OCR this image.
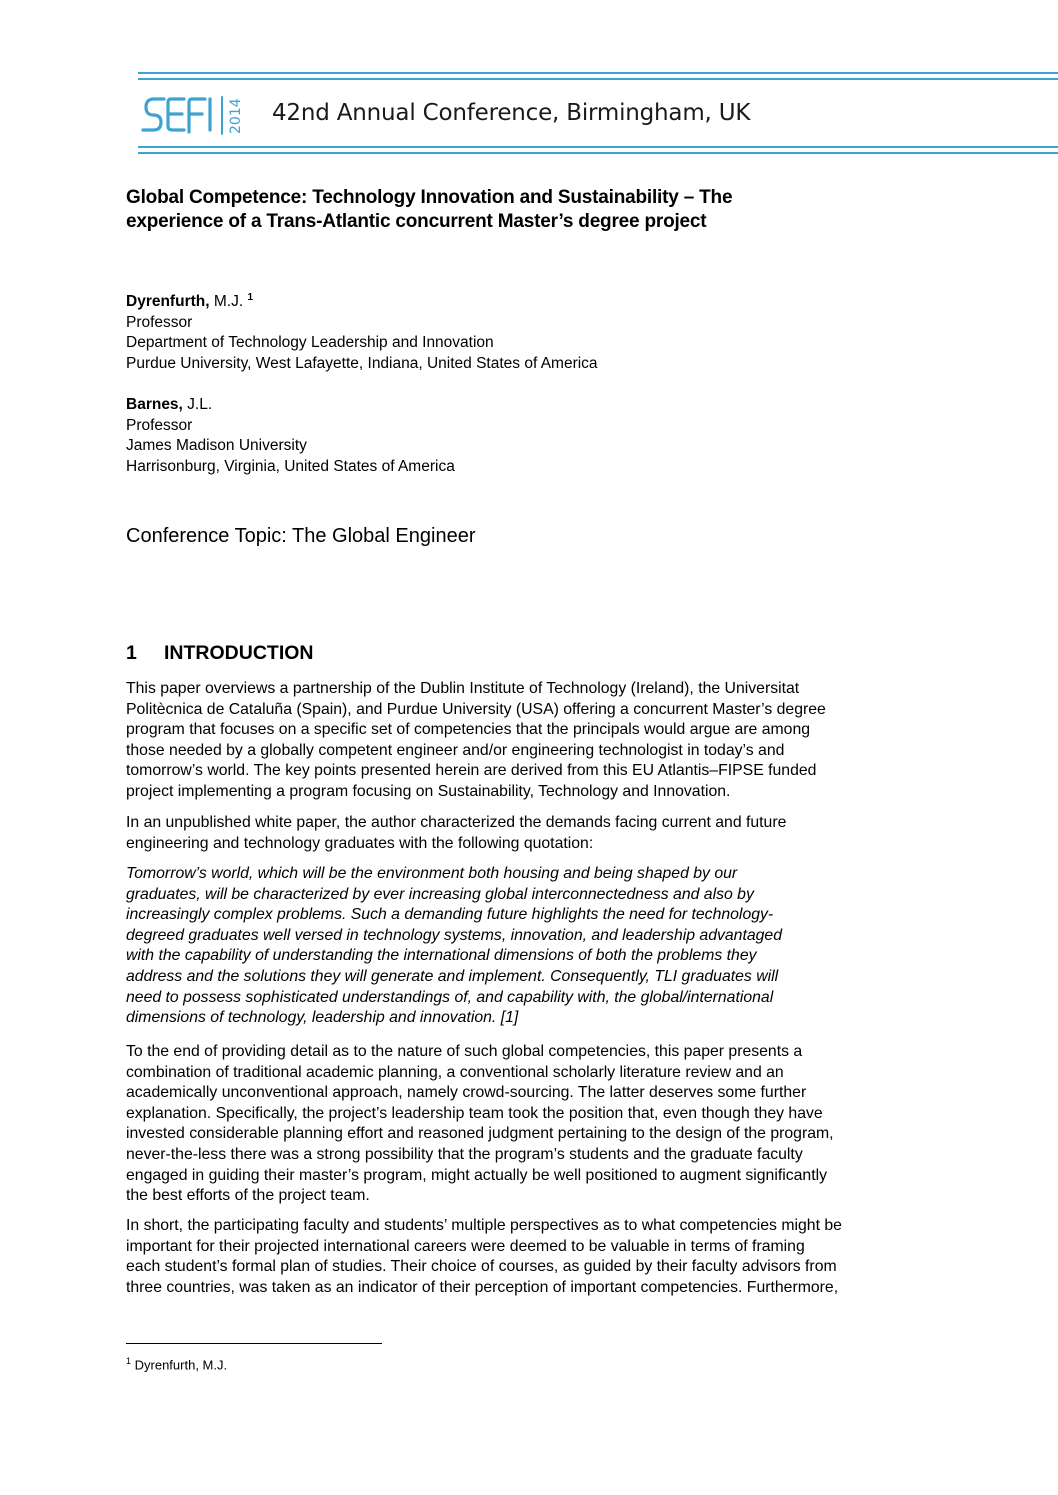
2014 42nd Annual Conference, Birmingham, UK
Global Competence: Technology Innovation and Sustainability – The
experience of a Trans-Atlantic concurrent Master’s degree project
Dyrenfurth, M.J. $^1$
Professor
Department of Technology Leadership and Innovation
Purdue University, West Lafayette, Indiana, United States of America
Barnes, J.L.
Professor
James Madison University
Harrisonburg, Virginia, United States of America
Conference Topic: The Global Engineer
1 INTRODUCTION
This paper overviews a partnership of the Dublin Institute of Technology (Ireland), the Universitat
Politècnica de Cataluña (Spain), and Purdue University (USA) offering a concurrent Master’s degree
program that focuses on a specific set of competencies that the principals would argue are among
those needed by a globally competent engineer and/or engineering technologist in today’s and
tomorrow’s world. The key points presented herein are derived from this EU Atlantis–FIPSE funded
project implementing a program focusing on Sustainability, Technology and Innovation.
In an unpublished white paper, the author characterized the demands facing current and future
engineering and technology graduates with the following quotation:
Tomorrow’s world, which will be the environment both housing and being shaped by our
graduates, will be characterized by ever increasing global interconnectedness and also by
increasingly complex problems. Such a demanding future highlights the need for technology-
degreed graduates well versed in technology systems, innovation, and leadership advantaged
with the capability of understanding the international dimensions of both the problems they
address and the solutions they will generate and implement. Consequently, TLI graduates will
need to possess sophisticated understandings of, and capability with, the global/international
dimensions of technology, leadership and innovation. [1]
To the end of providing detail as to the nature of such global competencies, this paper presents a
combination of traditional academic planning, a conventional scholarly literature review and an
academically unconventional approach, namely crowd-sourcing. The latter deserves some further
explanation. Specifically, the project’s leadership team took the position that, even though they have
invested considerable planning effort and reasoned judgment pertaining to the design of the program,
never-the-less there was a strong possibility that the program’s students and the graduate faculty
engaged in guiding their master’s program, might actually be well positioned to augment significantly
the best efforts of the project team.
In short, the participating faculty and students’ multiple perspectives as to what competencies might be
important for their projected international careers were deemed to be valuable in terms of framing
each student’s formal plan of studies. Their choice of courses, as guided by their faculty advisors from
three countries, was taken as an indicator of their perception of important competencies. Furthermore,
$^1$ Dyrenfurth, M.J.
